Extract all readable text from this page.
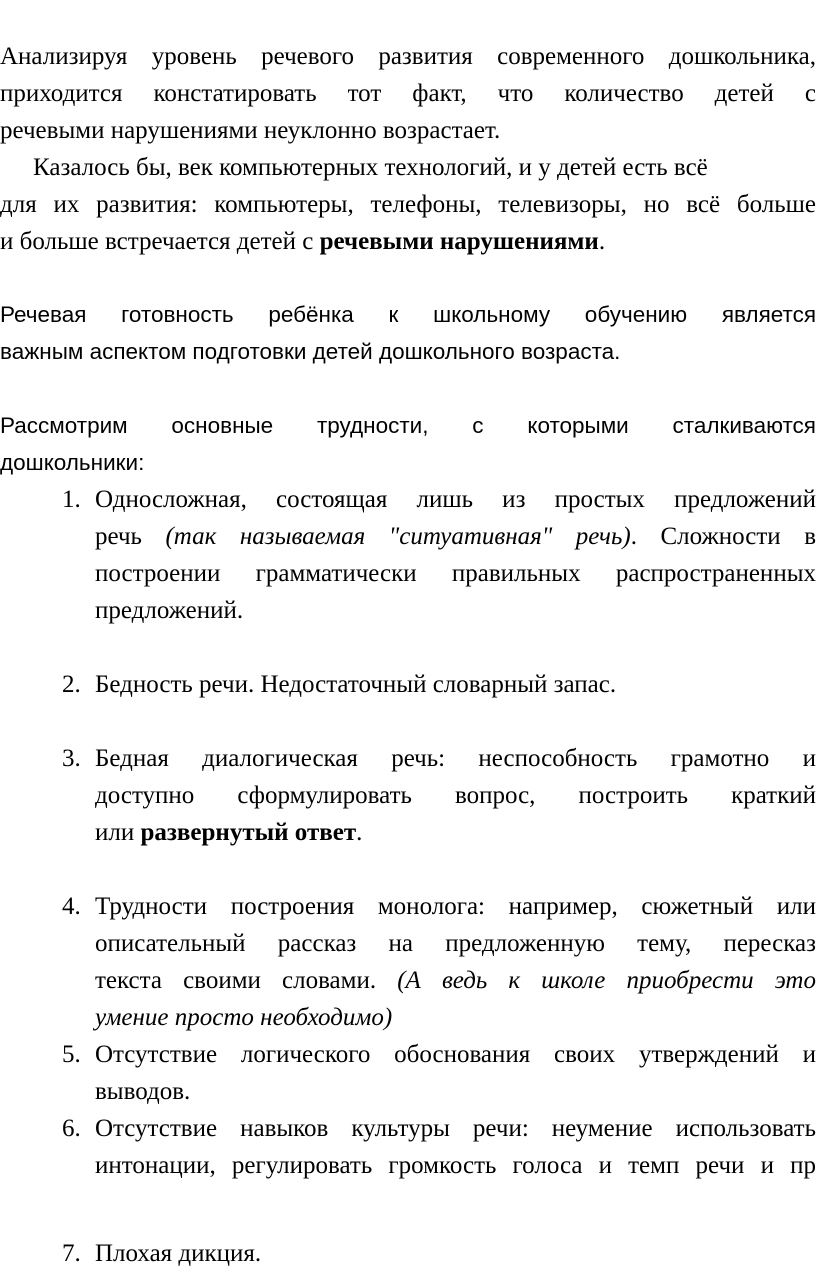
Анализируя уровень речевого развития современного дошкольника,
приходится констатировать тот факт, что количество детей с
речевыми нарушениями неуклонно возрастает.
Казалось бы, век компьютерных технологий, и у детей есть всё
для их развития: компьютеры, телефоны, телевизоры, но всё больше
и больше встречается детей с речевыми нарушениями.
Речевая готовность ребёнка к школьному обучению является
важным аспектом подготовки детей дошкольного возраста.
Рассмотрим основные трудности, с которыми сталкиваются
дошкольники:
1. Односложная, состоящая лишь из простых предложений
речь (так называемая "ситуативная" речь). Сложности в
построении грамматически правильных распространенных
предложений.
2. Бедность речи. Недостаточный словарный запас.
3. Бедная диалогическая речь: неспособность грамотно и
доступно сформулировать вопрос, построить краткий
или развернутый ответ.
4. Трудности построения монолога: например, сюжетный или
описательный рассказ на предложенную тему, пересказ
текста своими словами. (А ведь к школе приобрести это
умение просто необходимо)
5. Отсутствие логического обоснования своих утверждений и
выводов.
6. Отсутствие навыков культуры речи: неумение использовать
интонации, регулировать громкость голоса и темп речи и пр
7. Плохая дикция.
